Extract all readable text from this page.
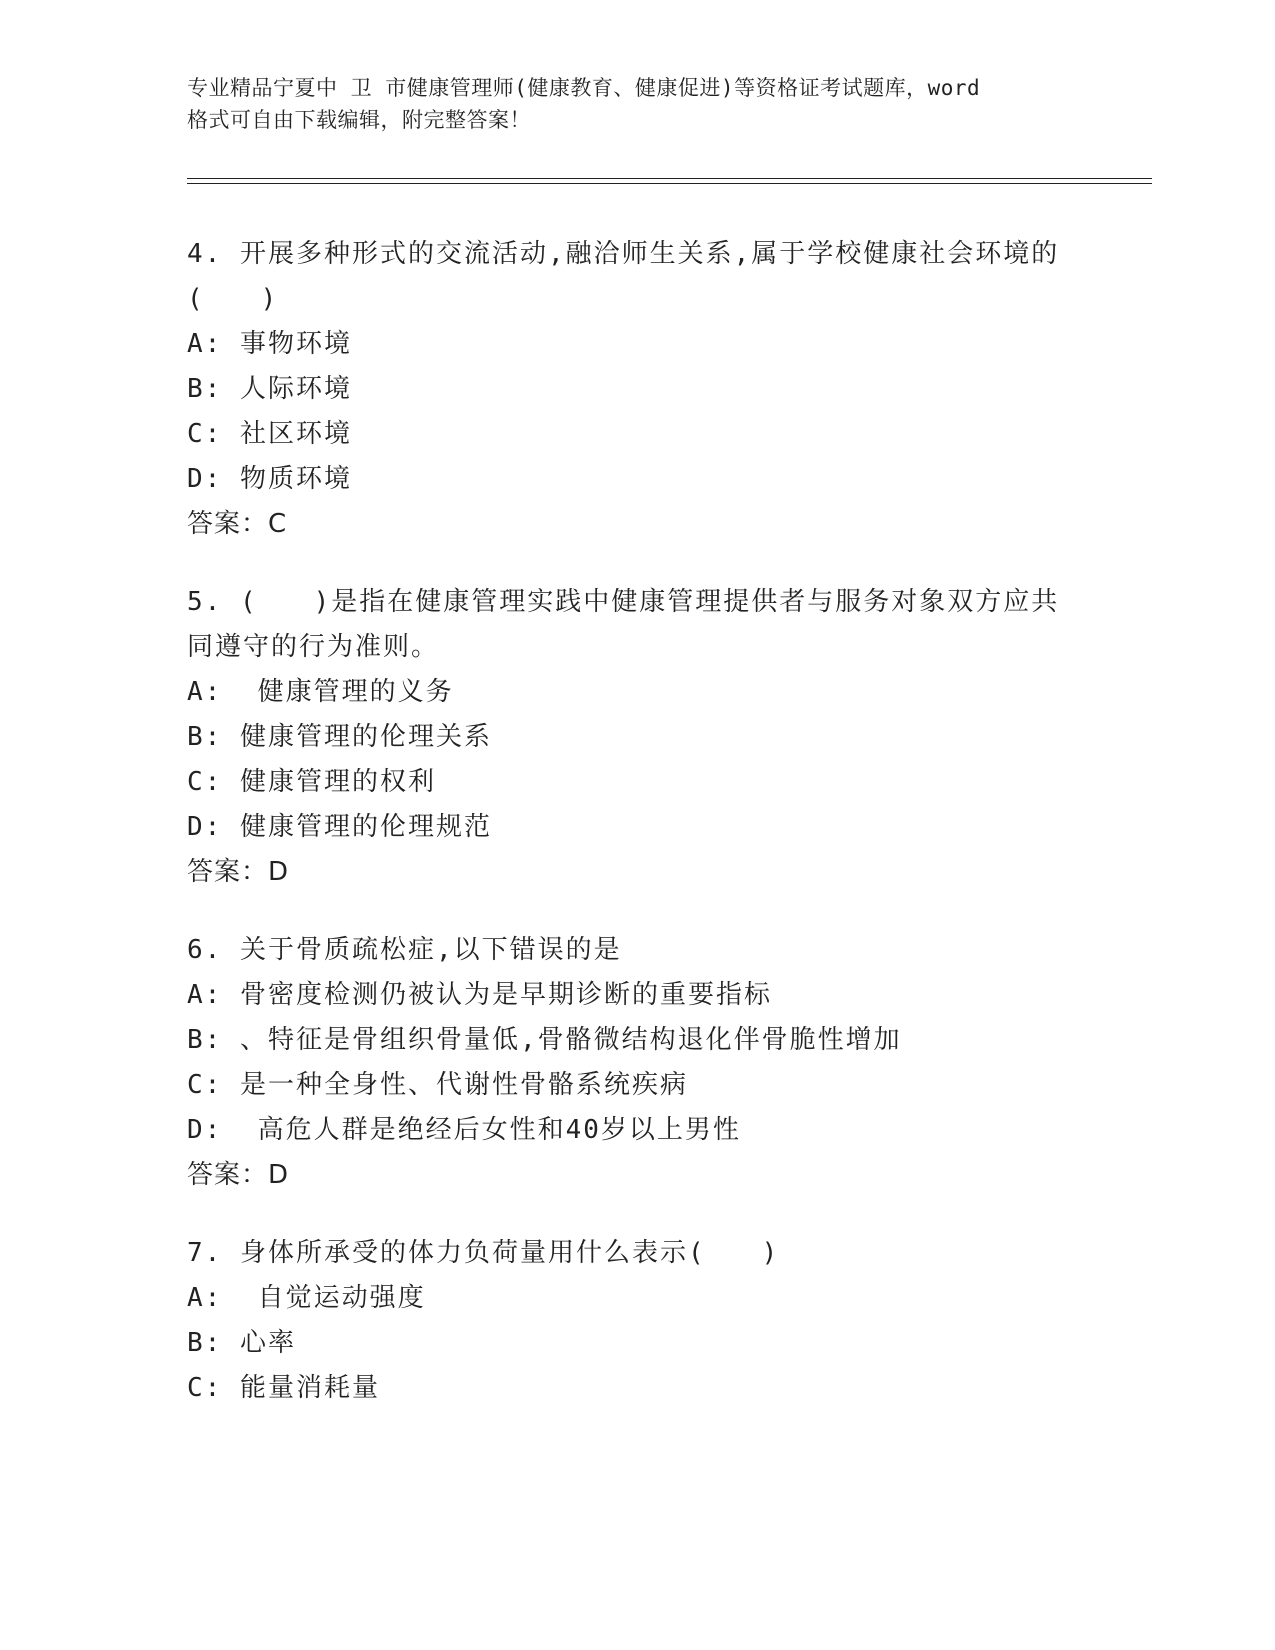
专业精品宁夏中 卫 市健康管理师(健康教育、健康促进)等资格证考试题库，word
格式可自由下载编辑，附完整答案！

4. 开展多种形式的交流活动,融洽师生关系,属于学校健康社会环境的

(　　)

A: 事物环境

B: 人际环境

C: 社区环境

D: 物质环境

答案：C

5. (　　)是指在健康管理实践中健康管理提供者与服务对象双方应共

同遵守的行为准则。

A:  健康管理的义务

B: 健康管理的伦理关系

C: 健康管理的权利

D: 健康管理的伦理规范

答案：D

6. 关于骨质疏松症,以下错误的是

A: 骨密度检测仍被认为是早期诊断的重要指标

B: 、特征是骨组织骨量低,骨骼微结构退化伴骨脆性增加

C: 是一种全身性、代谢性骨骼系统疾病

D:  高危人群是绝经后女性和40岁以上男性

答案：D

7. 身体所承受的体力负荷量用什么表示(　　)

A:  自觉运动强度

B: 心率

C: 能量消耗量
